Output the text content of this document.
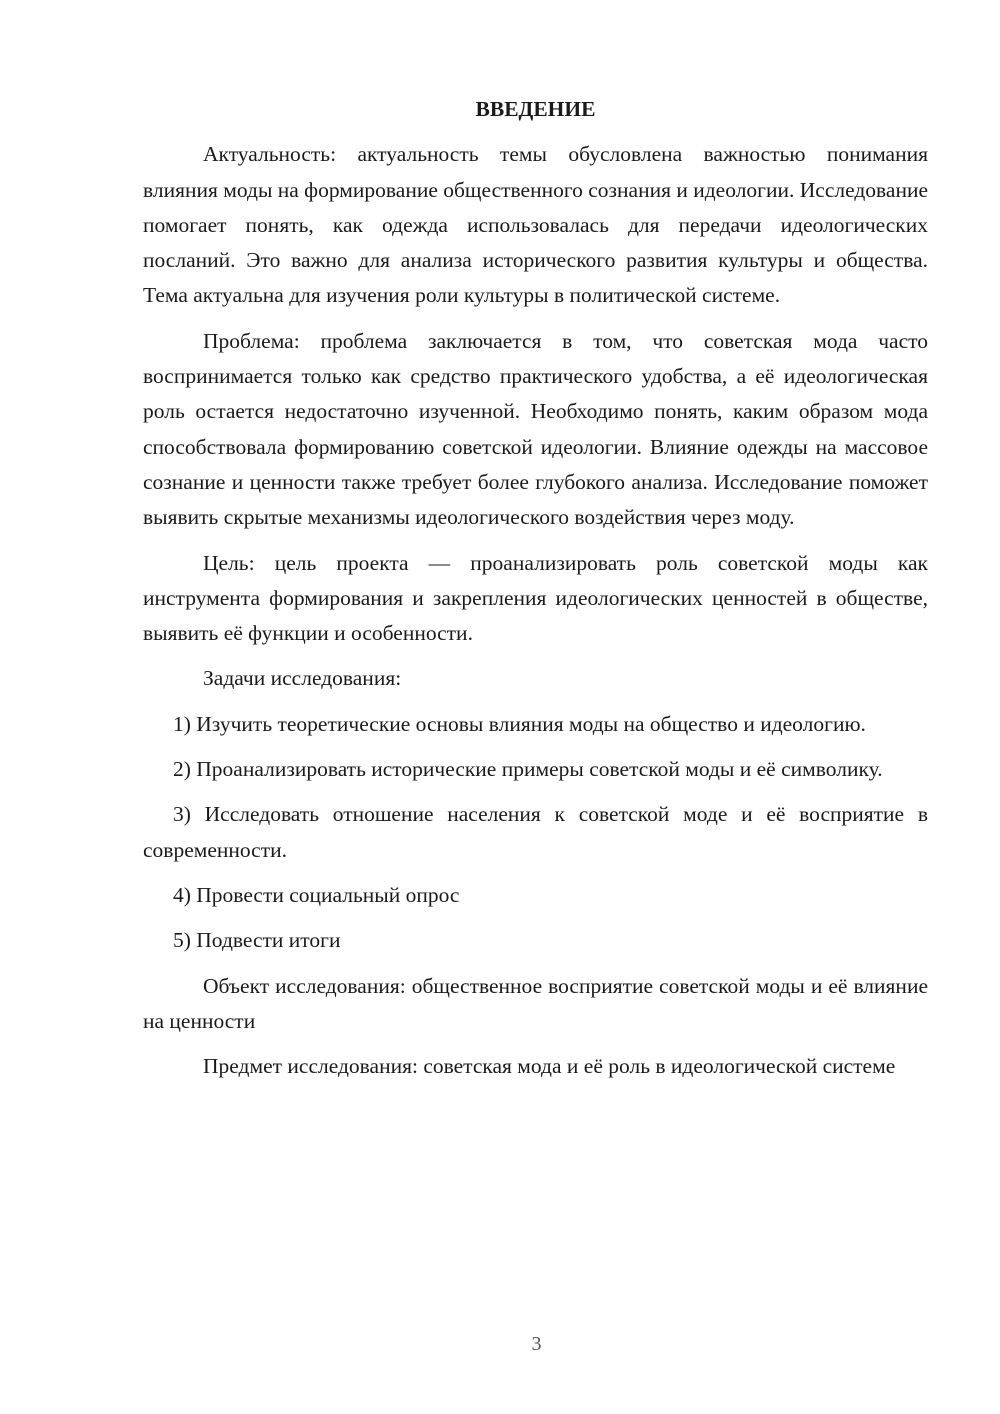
ВВЕДЕНИЕ

Актуальность: актуальность темы обусловлена важностью понимания влияния моды на формирование общественного сознания и идеологии. Исследование помогает понять, как одежда использовалась для передачи идеологических посланий. Это важно для анализа исторического развития культуры и общества. Тема актуальна для изучения роли культуры в политической системе.

Проблема: проблема заключается в том, что советская мода часто воспринимается только как средство практического удобства, а её идеологическая роль остается недостаточно изученной. Необходимо понять, каким образом мода способствовала формированию советской идеологии. Влияние одежды на массовое сознание и ценности также требует более глубокого анализа. Исследование поможет выявить скрытые механизмы идеологического воздействия через моду.

Цель: цель проекта — проанализировать роль советской моды как инструмента формирования и закрепления идеологических ценностей в обществе, выявить её функции и особенности.

Задачи исследования:

1) Изучить теоретические основы влияния моды на общество и идеологию.

2) Проанализировать исторические примеры советской моды и её символику.

3) Исследовать отношение населения к советской моде и её восприятие в современности.

4) Провести социальный опрос

5) Подвести итоги

Объект исследования: общественное восприятие советской моды и её влияние на ценности

Предмет исследования: советская мода и её роль в идеологической системе

3
